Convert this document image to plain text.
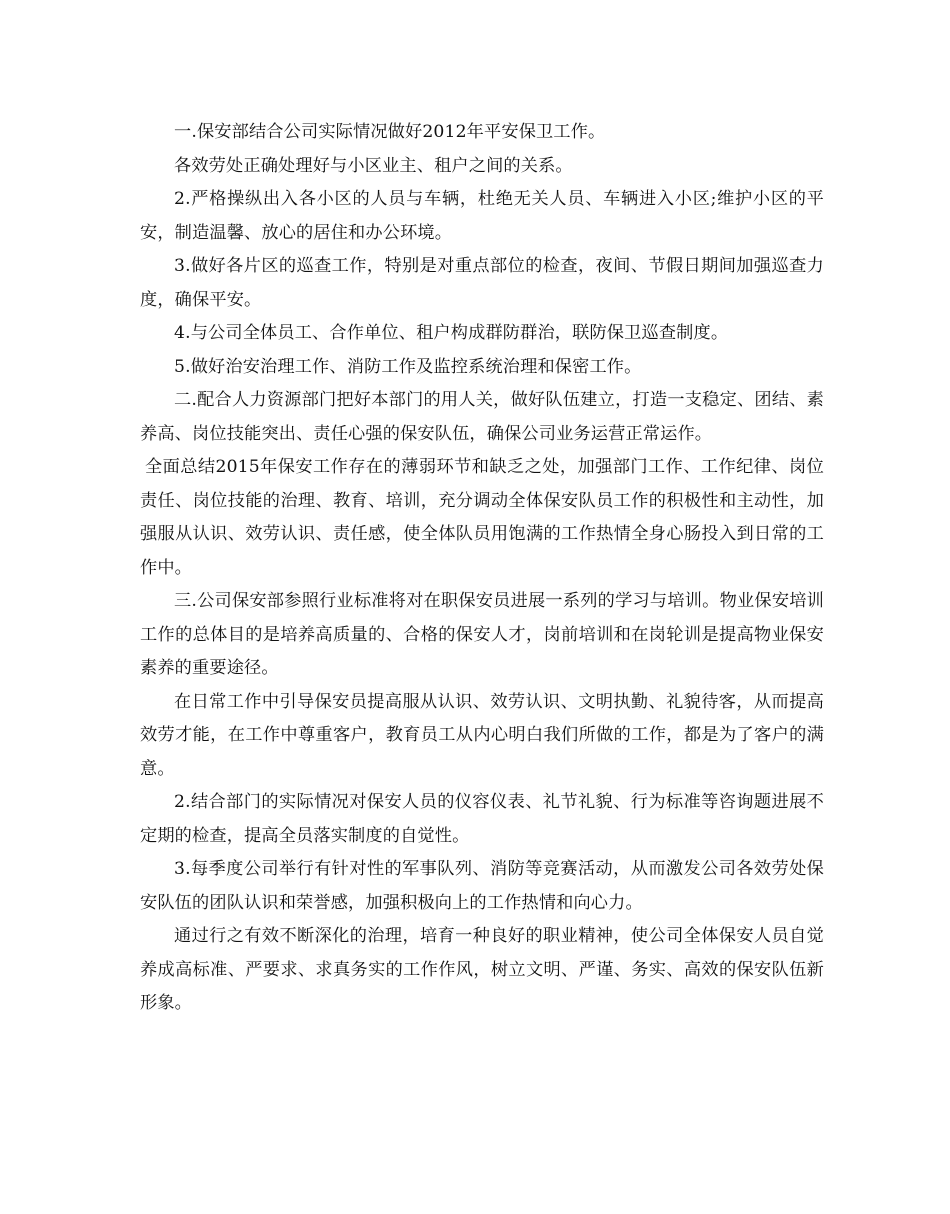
一.保安部结合公司实际情况做好2012年平安保卫工作。

各效劳处正确处理好与小区业主、租户之间的关系。

2.严格操纵出入各小区的人员与车辆，杜绝无关人员、车辆进入小区;维护小区的平安，制造温馨、放心的居住和办公环境。

3.做好各片区的巡查工作，特别是对重点部位的检查，夜间、节假日期间加强巡查力度，确保平安。

4.与公司全体员工、合作单位、租户构成群防群治，联防保卫巡查制度。

5.做好治安治理工作、消防工作及监控系统治理和保密工作。

二.配合人力资源部门把好本部门的用人关，做好队伍建立，打造一支稳定、团结、素养高、岗位技能突出、责任心强的保安队伍，确保公司业务运营正常运作。

全面总结2015年保安工作存在的薄弱环节和缺乏之处，加强部门工作、工作纪律、岗位责任、岗位技能的治理、教育、培训，充分调动全体保安队员工作的积极性和主动性，加强服从认识、效劳认识、责任感，使全体队员用饱满的工作热情全身心肠投入到日常的工作中。

三.公司保安部参照行业标准将对在职保安员进展一系列的学习与培训。物业保安培训工作的总体目的是培养高质量的、合格的保安人才，岗前培训和在岗轮训是提高物业保安素养的重要途径。

在日常工作中引导保安员提高服从认识、效劳认识、文明执勤、礼貌待客，从而提高效劳才能，在工作中尊重客户，教育员工从内心明白我们所做的工作，都是为了客户的满意。

2.结合部门的实际情况对保安人员的仪容仪表、礼节礼貌、行为标准等咨询题进展不定期的检查，提高全员落实制度的自觉性。

3.每季度公司举行有针对性的军事队列、消防等竞赛活动，从而激发公司各效劳处保安队伍的团队认识和荣誉感，加强积极向上的工作热情和向心力。

通过行之有效不断深化的治理，培育一种良好的职业精神，使公司全体保安人员自觉养成高标准、严要求、求真务实的工作作风，树立文明、严谨、务实、高效的保安队伍新形象。
